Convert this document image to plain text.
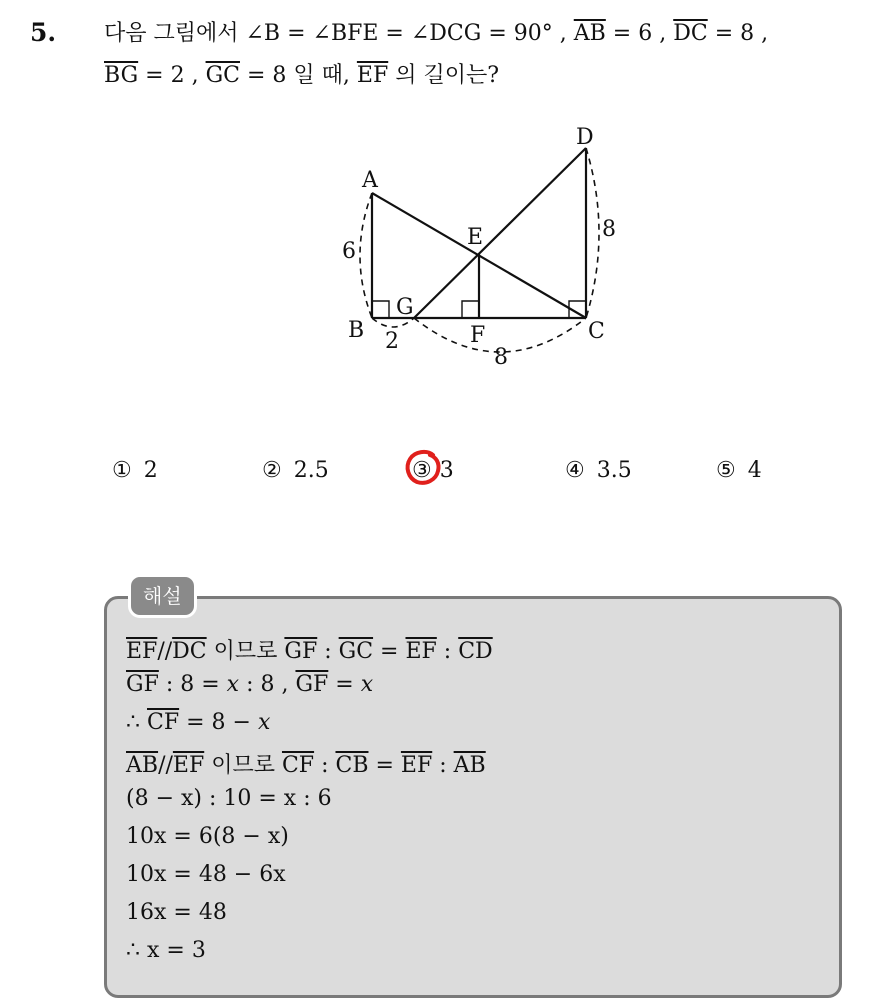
5. 다음 그림에서 ∠B = ∠BFE = ∠DCG = 90° , $\overline{AB} = 6$ , $\overline{DC} = 8$ ,
$\overline{BG} = 2$ , $\overline{GC} = 8$ 일 때, $\overline{EF}$ 의 길이는?
A
B	C
D
E
F
G
6
8
2
8
① 2	② 2.5	③ 3	④ 3.5	⑤ 4
해설
$\overline{EF}//\overline{DC}$ 이므로 $\overline{GF}$ : $\overline{GC} = \overline{EF}$ : $\overline{CD}$
$\overline{GF}$ : 8 = x : 8 , $\overline{GF} = x$
∴ $\overline{CF} = 8 - x$
$\overline{AB}//\overline{EF}$ 이므로 $\overline{CF}$ : $\overline{CB} = \overline{EF}$ : $\overline{AB}$
(8 − x) : 10 = x : 6
10x = 6(8 − x)
10x = 48 − 6x
16x = 48
∴ x = 3
